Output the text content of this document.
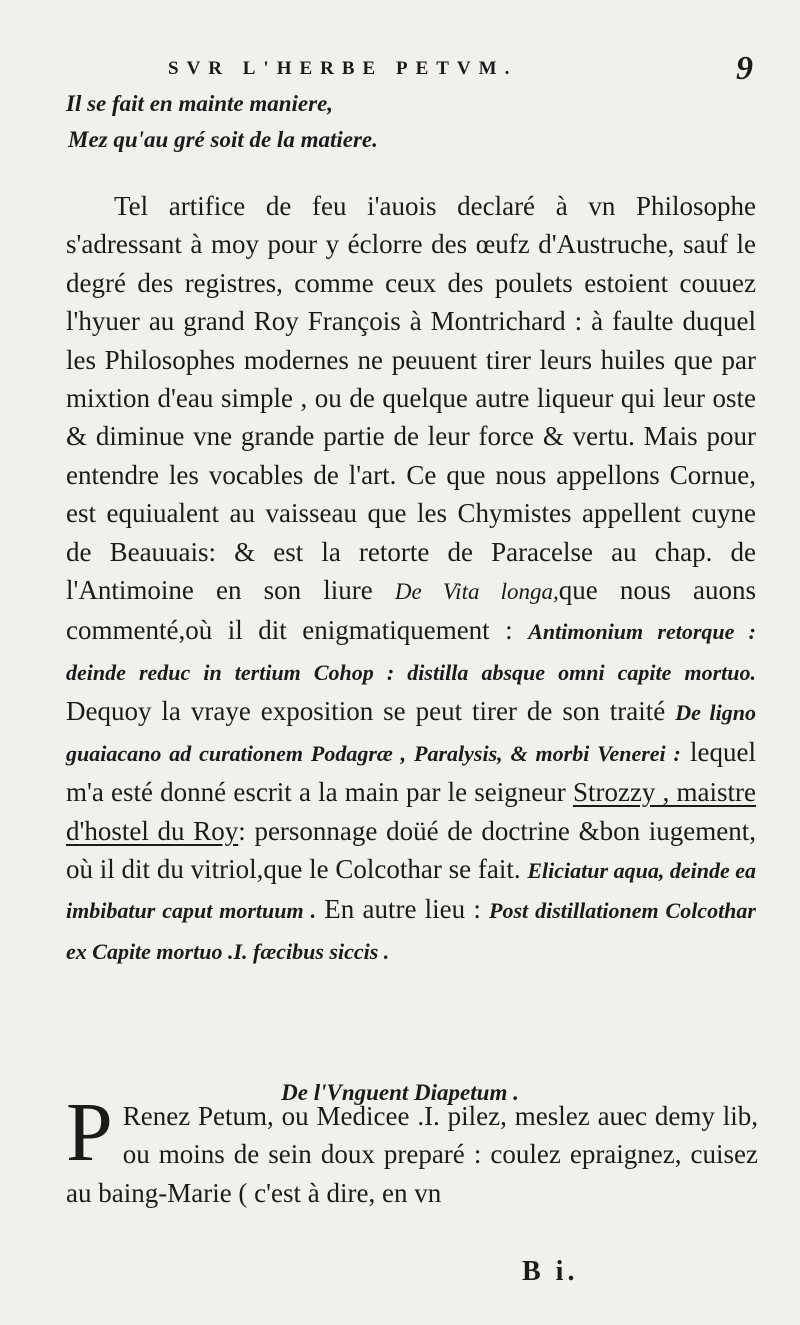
SVR L'HERBE PETVM.	9
Il se fait en mainte maniere,
Mez qu'au gré soit de la matiere.

Tel artifice de feu i'auois declaré à vn Philosophe s'adressant à moy pour y éclorre des œufz d'Austruche, sauf le degré des registres, comme ceux des poulets estoient couuez l'hyuer au grand Roy François à Montrichard : à faulte duquel les Philosophes modernes ne peuuent tirer leurs huiles que par mixtion d'eau simple , ou de quelque autre liqueur qui leur oste & diminue vne grande partie de leur force & vertu. Mais pour entendre les vocables de l'art. Ce que nous appellons Cornue, est equiualent au vaisseau que les Chymistes appellent cuyne de Beauuais: & est la retorte de Paracelse au chap. de l'Antimoine en son liure De Vita longa,que nous auons commenté,où il dit enigmatiquement : Antimonium retorque : deinde reduc in tertium Cohop : distilla absque omni capite mortuo. Dequoy la vraye exposition se peut tirer de son traité De ligno guaiacano ad curationem Podagræ , Paralysis, & morbi Venerei : lequel m'a esté donné escrit a la main par le seigneur Strozzy , maistre d'hostel du Roy: personnage doüé de doctrine &bon iugement, où il dit du vitriol,que le Colcothar se fait. Eliciatur aqua, deinde ea imbibatur caput mortuum . En autre lieu : Post distillationem Colcothar ex Capite mortuo .I. fæcibus siccis .

De l'Vnguent Diapetum .
P Renez Petum, ou Medicee .I. pilez, meslez auec demy lib, ou moins de sein doux preparé : coulez epraignez, cuisez au baing-Marie ( c'est à dire, en vn

B i.
